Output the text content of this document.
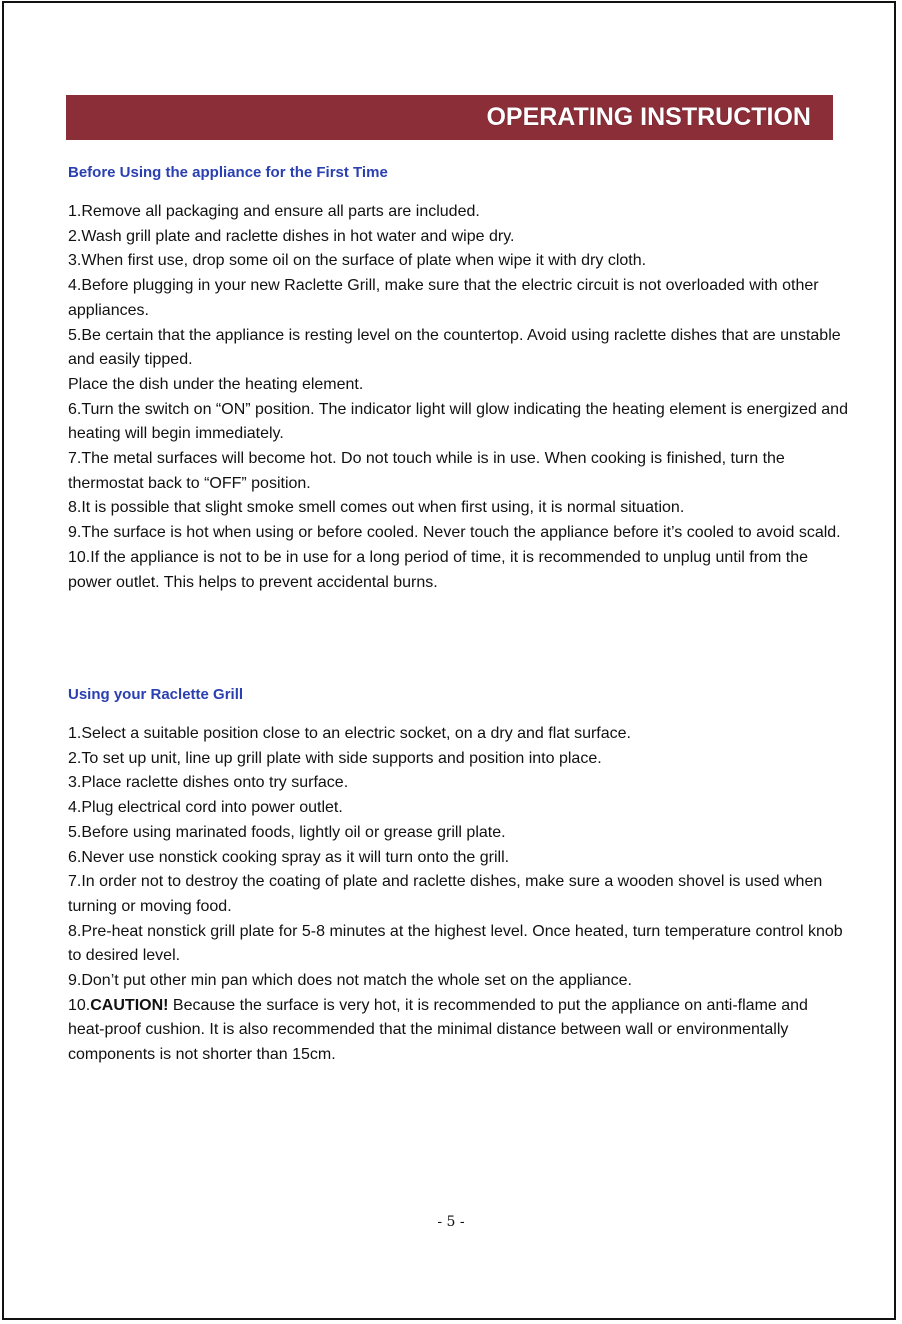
OPERATING INSTRUCTION
Before Using the appliance for the First Time
1.Remove all packaging and ensure all parts are included.
2.Wash grill plate and raclette dishes in hot water and wipe dry.
3.When first use, drop some oil on the surface of plate when wipe it with dry cloth.
4.Before plugging in your new Raclette Grill, make sure that the electric circuit is not overloaded with other appliances.
5.Be certain that the appliance is resting level on the countertop. Avoid using raclette dishes that are unstable and easily tipped.
Place the dish under the heating element.
6.Turn the switch on “ON” position. The indicator light will glow indicating the heating element is energized and heating will begin immediately.
7.The metal surfaces will become hot. Do not touch while is in use. When cooking is finished, turn the thermostat back to “OFF” position.
8.It is possible that slight smoke smell comes out when first using, it is normal situation.
9.The surface is hot when using or before cooled. Never touch the appliance before it’s cooled to avoid scald.
10.If the appliance is not to be in use for a long period of time, it is recommended to unplug until from the power outlet. This helps to prevent accidental burns.
Using your Raclette Grill
1.Select a suitable position close to an electric socket, on a dry and flat surface.
2.To set up unit, line up grill plate with side supports and position into place.
3.Place raclette dishes onto try surface.
4.Plug electrical cord into power outlet.
5.Before using marinated foods, lightly oil or grease grill plate.
6.Never use nonstick cooking spray as it will turn onto the grill.
7.In order not to destroy the coating of plate and raclette dishes, make sure a wooden shovel is used when turning or moving food.
8.Pre-heat nonstick grill plate for 5-8 minutes at the highest level. Once heated, turn temperature control knob to desired level.
9.Don’t put other min pan which does not match the whole set on the appliance.
10.CAUTION! Because the surface is very hot, it is recommended to put the appliance on anti-flame and heat-proof cushion. It is also recommended that the minimal distance between wall or environmentally components is not shorter than 15cm.
- 5 -
